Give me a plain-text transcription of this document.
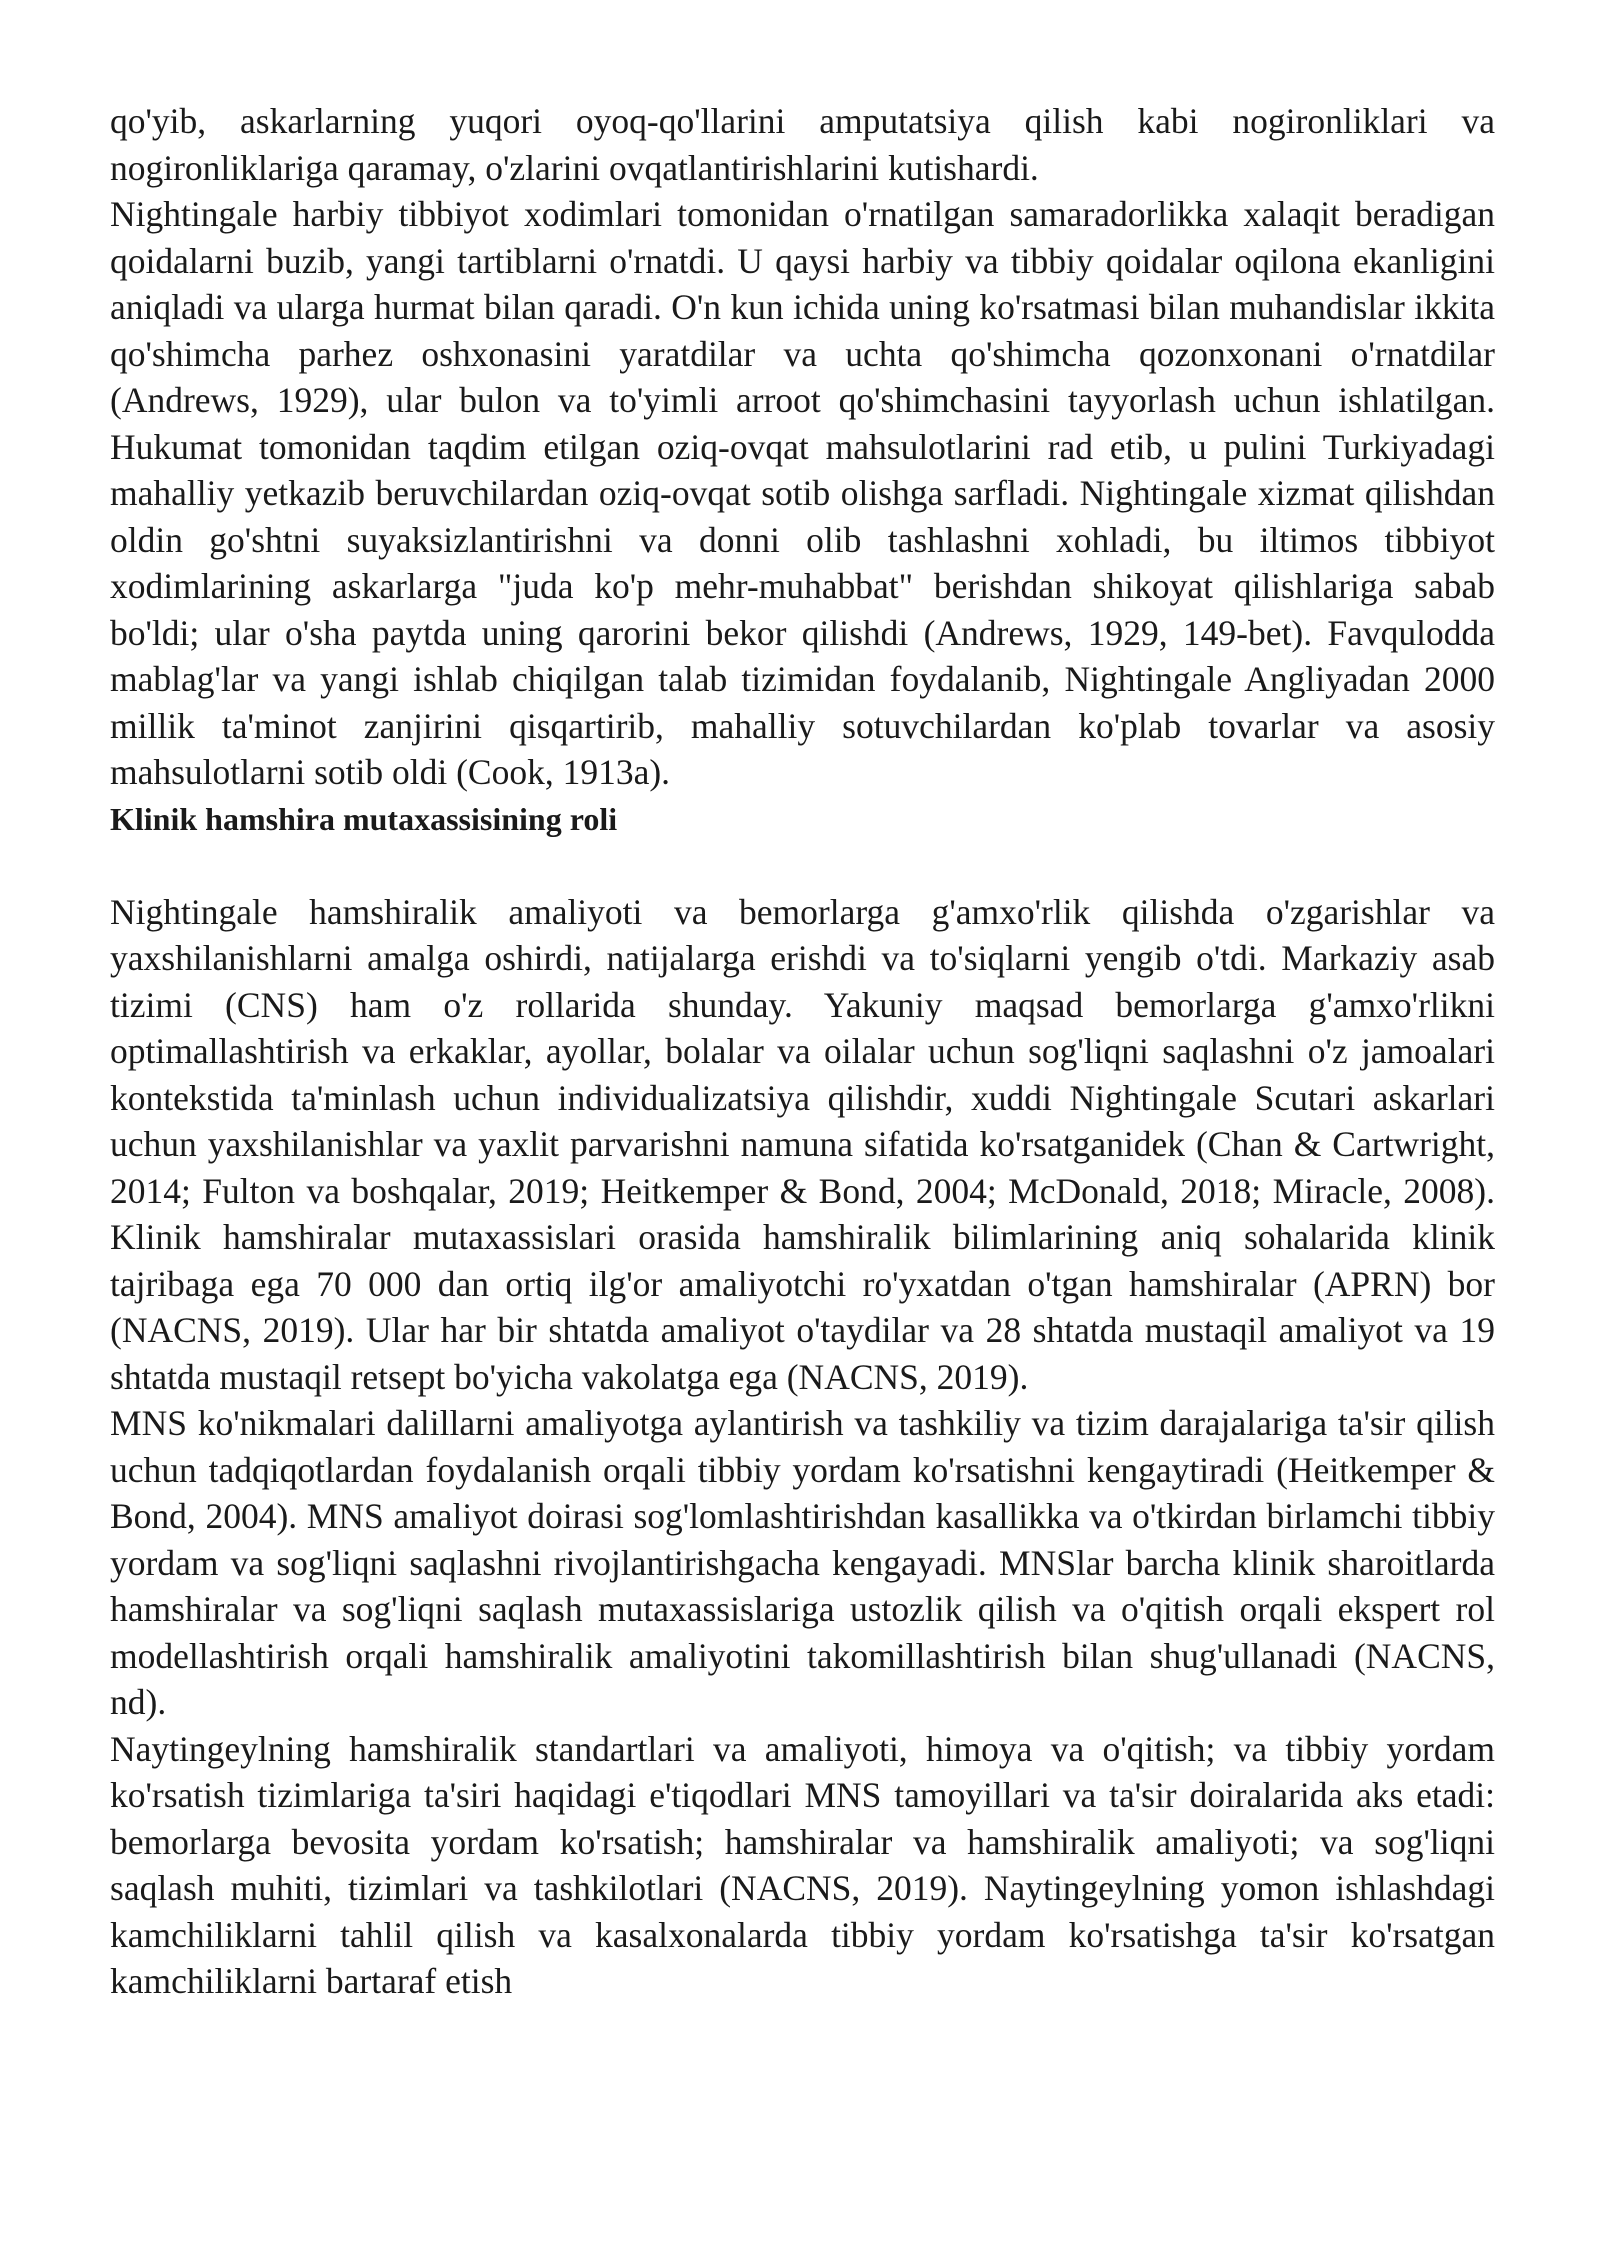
qo'yib, askarlarning yuqori oyoq-qo'llarini amputatsiya qilish kabi nogironliklari va nogironliklariga qaramay, o'zlarini ovqatlantirishlarini kutishardi.

Nightingale harbiy tibbiyot xodimlari tomonidan o'rnatilgan samaradorlikka xalaqit beradigan qoidalarni buzib, yangi tartiblarni o'rnatdi. U qaysi harbiy va tibbiy qoidalar oqilona ekanligini aniqladi va ularga hurmat bilan qaradi. O'n kun ichida uning ko'rsatmasi bilan muhandislar ikkita qo'shimcha parhez oshxonasini yaratdilar va uchta qo'shimcha qozonxonani o'rnatdilar (Andrews, 1929), ular bulon va to'yimli arroot qo'shimchasini tayyorlash uchun ishlatilgan. Hukumat tomonidan taqdim etilgan oziq-ovqat mahsulotlarini rad etib, u pulini Turkiyadagi mahalliy yetkazib beruvchilardan oziq-ovqat sotib olishga sarfladi. Nightingale xizmat qilishdan oldin go'shtni suyaksizlantirishni va donni olib tashlashni xohladi, bu iltimos tibbiyot xodimlarining askarlarga "juda ko'p mehr-muhabbat" berishdan shikoyat qilishlariga sabab bo'ldi; ular o'sha paytda uning qarorini bekor qilishdi (Andrews, 1929, 149-bet). Favqulodda mablag'lar va yangi ishlab chiqilgan talab tizimidan foydalanib, Nightingale Angliyadan 2000 millik ta'minot zanjirini qisqartirib, mahalliy sotuvchilardan ko'plab tovarlar va asosiy mahsulotlarni sotib oldi (Cook, 1913a).

Klinik hamshira mutaxassisining roli

Nightingale hamshiralik amaliyoti va bemorlarga g'amxo'rlik qilishda o'zgarishlar va yaxshilanishlarni amalga oshirdi, natijalarga erishdi va to'siqlarni yengib o'tdi. Markaziy asab tizimi (CNS) ham o'z rollarida shunday. Yakuniy maqsad bemorlarga g'amxo'rlikni optimallashtirish va erkaklar, ayollar, bolalar va oilalar uchun sog'liqni saqlashni o'z jamoalari kontekstida ta'minlash uchun individualizatsiya qilishdir, xuddi Nightingale Scutari askarlari uchun yaxshilanishlar va yaxlit parvarishni namuna sifatida ko'rsatganidek (Chan & Cartwright, 2014; Fulton va boshqalar, 2019; Heitkemper & Bond, 2004; McDonald, 2018; Miracle, 2008). Klinik hamshiralar mutaxassislari orasida hamshiralik bilimlarining aniq sohalarida klinik tajribaga ega 70 000 dan ortiq ilg'or amaliyotchi ro'yxatdan o'tgan hamshiralar (APRN) bor (NACNS, 2019). Ular har bir shtatda amaliyot o'taydilar va 28 shtatda mustaqil amaliyot va 19 shtatda mustaqil retsept bo'yicha vakolatga ega (NACNS, 2019).

MNS ko'nikmalari dalillarni amaliyotga aylantirish va tashkiliy va tizim darajalariga ta'sir qilish uchun tadqiqotlardan foydalanish orqali tibbiy yordam ko'rsatishni kengaytiradi (Heitkemper & Bond, 2004). MNS amaliyot doirasi sog'lomlashtirishdan kasallikka va o'tkirdan birlamchi tibbiy yordam va sog'liqni saqlashni rivojlantirishgacha kengayadi. MNSlar barcha klinik sharoitlarda hamshiralar va sog'liqni saqlash mutaxassislariga ustozlik qilish va o'qitish orqali ekspert rol modellashtirish orqali hamshiralik amaliyotini takomillashtirish bilan shug'ullanadi (NACNS, nd).

Naytingeylning hamshiralik standartlari va amaliyoti, himoya va o'qitish; va tibbiy yordam ko'rsatish tizimlariga ta'siri haqidagi e'tiqodlari MNS tamoyillari va ta'sir doiralarida aks etadi: bemorlarga bevosita yordam ko'rsatish; hamshiralar va hamshiralik amaliyoti; va sog'liqni saqlash muhiti, tizimlari va tashkilotlari (NACNS, 2019). Naytingeylning yomon ishlashdagi kamchiliklarni tahlil qilish va kasalxonalarda tibbiy yordam ko'rsatishga ta'sir ko'rsatgan kamchiliklarni bartaraf etish
